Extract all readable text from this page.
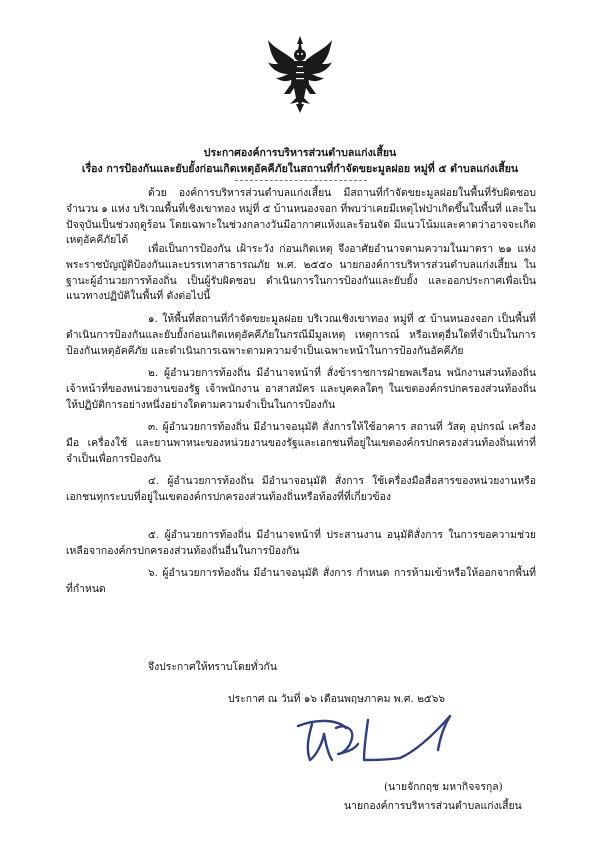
ประกาศองค์การบริหารส่วนตำบลแก่งเสี้ยน
เรื่อง การป้องกันและยับยั้งก่อนเกิดเหตุอัคคีภัยในสถานที่กำจัดขยะมูลฝอย หมู่ที่ ๕ ตำบลแก่งเสี้ยน

ด้วย องค์การบริหารส่วนตำบลแก่งเสี้ยน มีสถานที่กำจัดขยะมูลฝอยในพื้นที่รับผิดชอบ จำนวน ๑ แห่ง บริเวณพื้นที่เชิงเขาทอง หมู่ที่ ๕ บ้านหนองจอก ที่พบว่าเคยมีเหตุไฟป่าเกิดขึ้นในพื้นที่ และในปัจจุบันเป็นช่วงฤดูร้อน โดยเฉพาะในช่วงกลางวันมีอากาศแห้งและร้อนจัด มีแนวโน้มและคาดว่าอาจจะเกิดเหตุอัคคีภัยได้

เพื่อเป็นการป้องกัน เฝ้าระวัง ก่อนเกิดเหตุ จึงอาศัยอำนาจตามความในมาตรา ๒๑ แห่งพระราชบัญญัติป้องกันและบรรเทาสาธารณภัย พ.ศ. ๒๕๕๐ นายกองค์การบริหารส่วนตำบลแก่งเสี้ยน ในฐานะผู้อำนวยการท้องถิ่น เป็นผู้รับผิดชอบ ดำเนินการในการป้องกันและยับยั้ง และออกประกาศเพื่อเป็นแนวทางปฏิบัติในพื้นที่ ดังต่อไปนี้

๑. ให้พื้นที่สถานที่กำจัดขยะมูลฝอย บริเวณเชิงเขาทอง หมู่ที่ ๕ บ้านหนองจอก เป็นพื้นที่ดำเนินการป้องกันและยับยั้งก่อนเกิดเหตุอัคคีภัยในกรณีมีมูลเหตุ เหตุการณ์ หรือเหตุอื่นใดที่จำเป็นในการป้องกันเหตุอัคคีภัย และดำเนินการเฉพาะตามความจำเป็นเฉพาะหน้าในการป้องกันอัคคีภัย

๒. ผู้อำนวยการท้องถิ่น มีอำนาจหน้าที่ สั่งข้าราชการฝ่ายพลเรือน พนักงานส่วนท้องถิ่น เจ้าหน้าที่ของหน่วยงานของรัฐ เจ้าพนักงาน อาสาสมัคร และบุคคลใดๆ ในเขตองค์กรปกครองส่วนท้องถิ่นให้ปฏิบัติการอย่างหนึ่งอย่างใดตามความจำเป็นในการป้องกัน

๓. ผู้อำนวยการท้องถิ่น มีอำนาจอนุมัติ สั่งการให้ใช้อาคาร สถานที่ วัสดุ อุปกรณ์ เครื่องมือ เครื่องใช้ และยานพาหนะของหน่วยงานของรัฐและเอกชนที่อยู่ในเขตองค์กรปกครองส่วนท้องถิ่นเท่าที่จำเป็นเพื่อการป้องกัน

๔. ผู้อำนวยการท้องถิ่น มีอำนาจอนุมัติ สั่งการ ใช้เครื่องมือสื่อสารของหน่วยงานหรือเอกชนทุกระบบที่อยู่ในเขตองค์กรปกครองส่วนท้องถิ่นหรือท้องที่ที่เกี่ยวข้อง

๕. ผู้อำนวยการท้องถิ่น มีอำนาจหน้าที่ ประสานงาน อนุมัติสั่งการ ในการขอความช่วยเหลือจากองค์กรปกครองส่วนท้องถิ่นอื่นในการป้องกัน

๖. ผู้อำนวยการท้องถิ่น มีอำนาจอนุมัติ สั่งการ กำหนด การห้ามเข้าหรือให้ออกจากพื้นที่ที่กำหนด

จึงประกาศให้ทราบโดยทั่วกัน

ประกาศ ณ วันที่ ๑๖ เดือนพฤษภาคม พ.ศ. ๒๕๖๖
(นายจักกฤช มหากิจจรกุล)
นายกองค์การบริหารส่วนตำบลแก่งเสี้ยน
